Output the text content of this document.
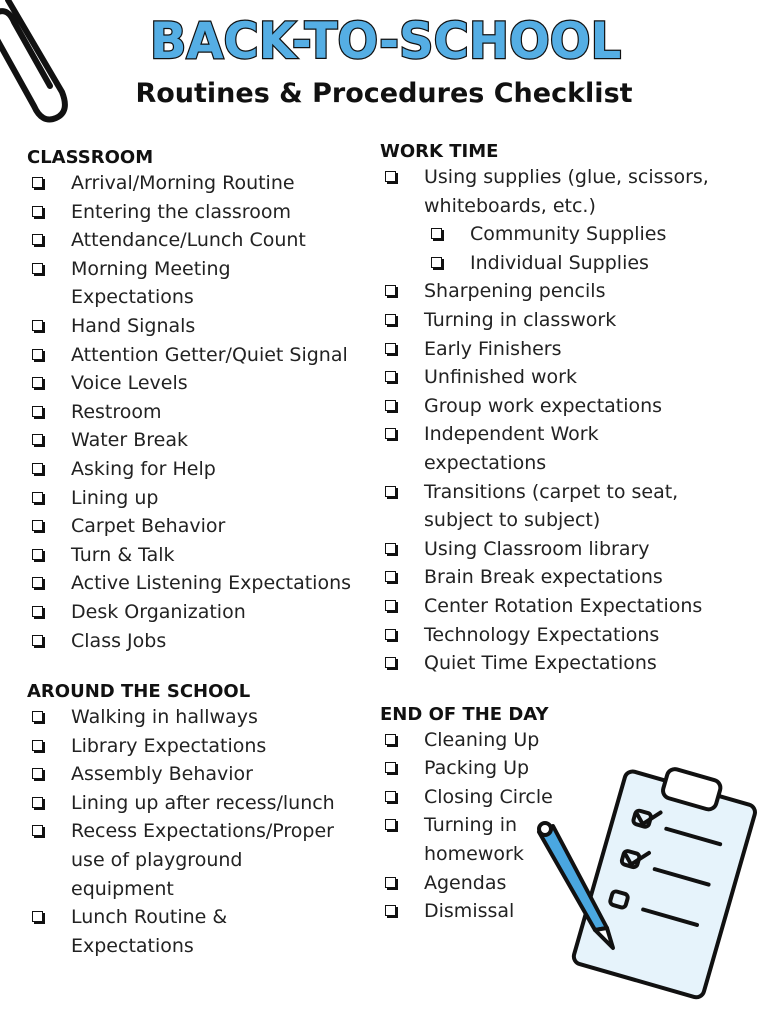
BACK-TO-SCHOOL
Routines & Procedures Checklist
CLASSROOM
Arrival/Morning Routine
Entering the classroom
Attendance/Lunch Count
Morning Meeting
Expectations
Hand Signals
Attention Getter/Quiet Signal
Voice Levels
Restroom
Water Break
Asking for Help
Lining up
Carpet Behavior
Turn & Talk
Active Listening Expectations
Desk Organization
Class Jobs
AROUND THE SCHOOL
Walking in hallways
Library Expectations
Assembly Behavior
Lining up after recess/lunch
Recess Expectations/Proper
use of playground
equipment
Lunch Routine &
Expectations
WORK TIME
Using supplies (glue, scissors,
whiteboards, etc.)
Community Supplies
Individual Supplies
Sharpening pencils
Turning in classwork
Early Finishers
Unfinished work
Group work expectations
Independent Work
expectations
Transitions (carpet to seat,
subject to subject)
Using Classroom library
Brain Break expectations
Center Rotation Expectations
Technology Expectations
Quiet Time Expectations
END OF THE DAY
Cleaning Up
Packing Up
Closing Circle
Turning in
homework
Agendas
Dismissal
